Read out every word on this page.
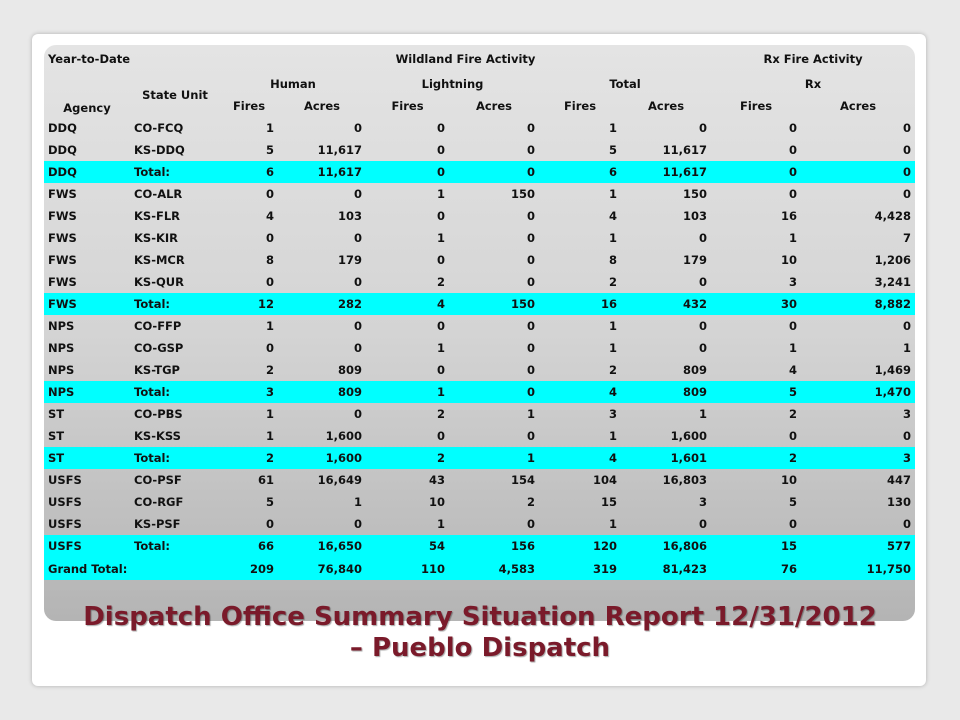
Year-to-Date		Wildland Fire Activity						Rx Fire Activity	
Agency	State Unit	Human		Lightning		Total		Rx	
		Fires	Acres	Fires	Acres	Fires	Acres	Fires	Acres
DDQ	CO-FCQ	1	0	0	0	1	0	0	0
DDQ	KS-DDQ	5	11,617	0	0	5	11,617	0	0
DDQ	Total:	6	11,617	0	0	6	11,617	0	0
FWS	CO-ALR	0	0	1	150	1	150	0	0
FWS	KS-FLR	4	103	0	0	4	103	16	4,428
FWS	KS-KIR	0	0	1	0	1	0	1	7
FWS	KS-MCR	8	179	0	0	8	179	10	1,206
FWS	KS-QUR	0	0	2	0	2	0	3	3,241
FWS	Total:	12	282	4	150	16	432	30	8,882
NPS	CO-FFP	1	0	0	0	1	0	0	0
NPS	CO-GSP	0	0	1	0	1	0	1	1
NPS	KS-TGP	2	809	0	0	2	809	4	1,469
NPS	Total:	3	809	1	0	4	809	5	1,470
ST	CO-PBS	1	0	2	1	3	1	2	3
ST	KS-KSS	1	1,600	0	0	1	1,600	0	0
ST	Total:	2	1,600	2	1	4	1,601	2	3
USFS	CO-PSF	61	16,649	43	154	104	16,803	10	447
USFS	CO-RGF	5	1	10	2	15	3	5	130
USFS	KS-PSF	0	0	1	0	1	0	0	0
USFS	Total:	66	16,650	54	156	120	16,806	15	577
Grand Total:		209	76,840	110	4,583	319	81,423	76	11,750
Dispatch Office Summary Situation Report 12/31/2012
– Pueblo Dispatch
